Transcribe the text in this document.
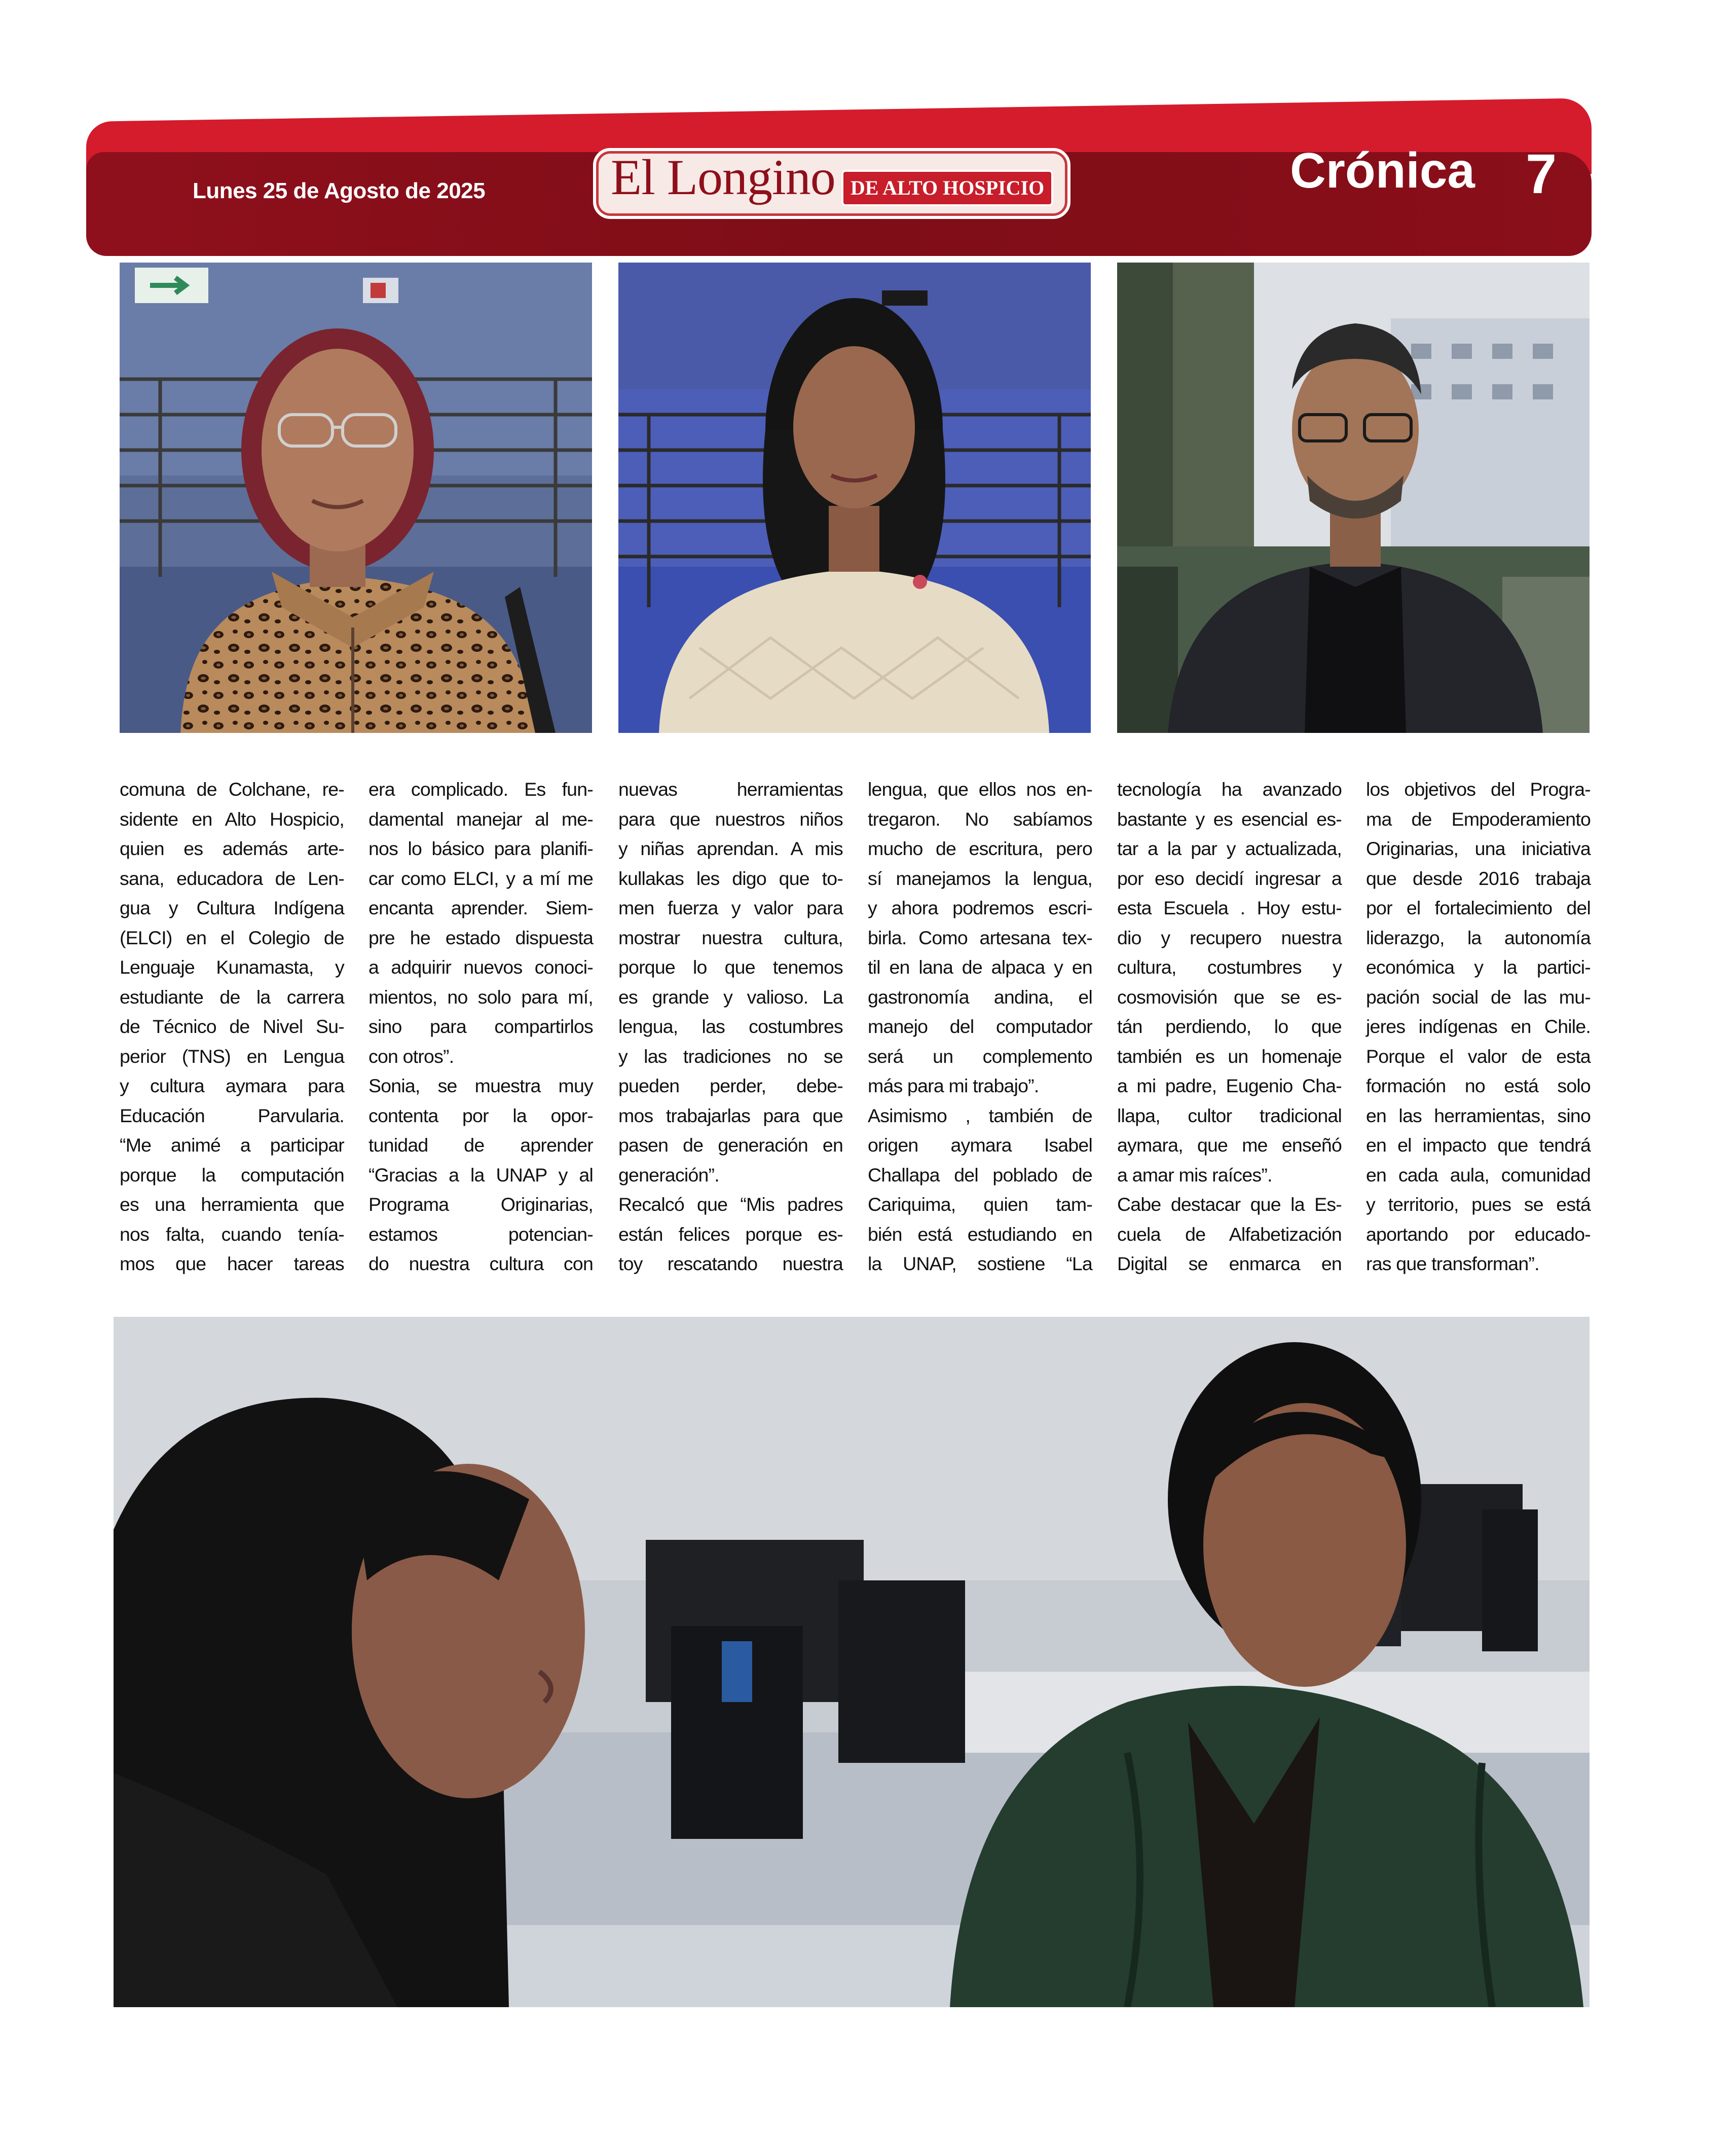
Lunes 25 de Agosto de 2025 El Longino DE ALTO HOSPICIO	Crónica 7
comuna de Colchane, re-
sidente en Alto Hospicio,
quien es además arte-
sana, educadora de Len-
gua y Cultura Indígena
(ELCI) en el Colegio de
Lenguaje Kunamasta, y
estudiante de la carrera
de Técnico de Nivel Su-
perior (TNS) en Lengua
y cultura aymara para
Educación Parvularia.
“Me animé a participar
porque la computación
es una herramienta que
nos falta, cuando tenía-
mos que hacer tareas
era complicado. Es fun-
damental manejar al me-
nos lo básico para planifi-
car como ELCI, y a mí me
encanta aprender. Siem-
pre he estado dispuesta
a adquirir nuevos conoci-
mientos, no solo para mí,
sino para compartirlos
con otros”.
Sonia, se muestra muy
contenta por la opor-
tunidad de aprender
“Gracias a la UNAP y al
Programa Originarias,
estamos potencian-
do nuestra cultura con
nuevas herramientas
para que nuestros niños
y niñas aprendan. A mis
kullakas les digo que to-
men fuerza y valor para
mostrar nuestra cultura,
porque lo que tenemos
es grande y valioso. La
lengua, las costumbres
y las tradiciones no se
pueden perder, debe-
mos trabajarlas para que
pasen de generación en
generación”.
Recalcó que “Mis padres
están felices porque es-
toy rescatando nuestra
lengua, que ellos nos en-
tregaron. No sabíamos
mucho de escritura, pero
sí manejamos la lengua,
y ahora podremos escri-
birla. Como artesana tex-
til en lana de alpaca y en
gastronomía andina, el
manejo del computador
será un complemento
más para mi trabajo”.
Asimismo , también de
origen aymara Isabel
Challapa del poblado de
Cariquima, quien tam-
bién está estudiando en
la UNAP, sostiene “La
tecnología ha avanzado
bastante y es esencial es-
tar a la par y actualizada,
por eso decidí ingresar a
esta Escuela . Hoy estu-
dio y recupero nuestra
cultura, costumbres y
cosmovisión que se es-
tán perdiendo, lo que
también es un homenaje
a mi padre, Eugenio Cha-
llapa, cultor tradicional
aymara, que me enseñó
a amar mis raíces”.
Cabe destacar que la Es-
cuela de Alfabetización
Digital se enmarca en
los objetivos del Progra-
ma de Empoderamiento
Originarias, una iniciativa
que desde 2016 trabaja
por el fortalecimiento del
liderazgo, la autonomía
económica y la partici-
pación social de las mu-
jeres indígenas en Chile.
Porque el valor de esta
formación no está solo
en las herramientas, sino
en el impacto que tendrá
en cada aula, comunidad
y territorio, pues se está
aportando por educado-
ras que transforman”.
